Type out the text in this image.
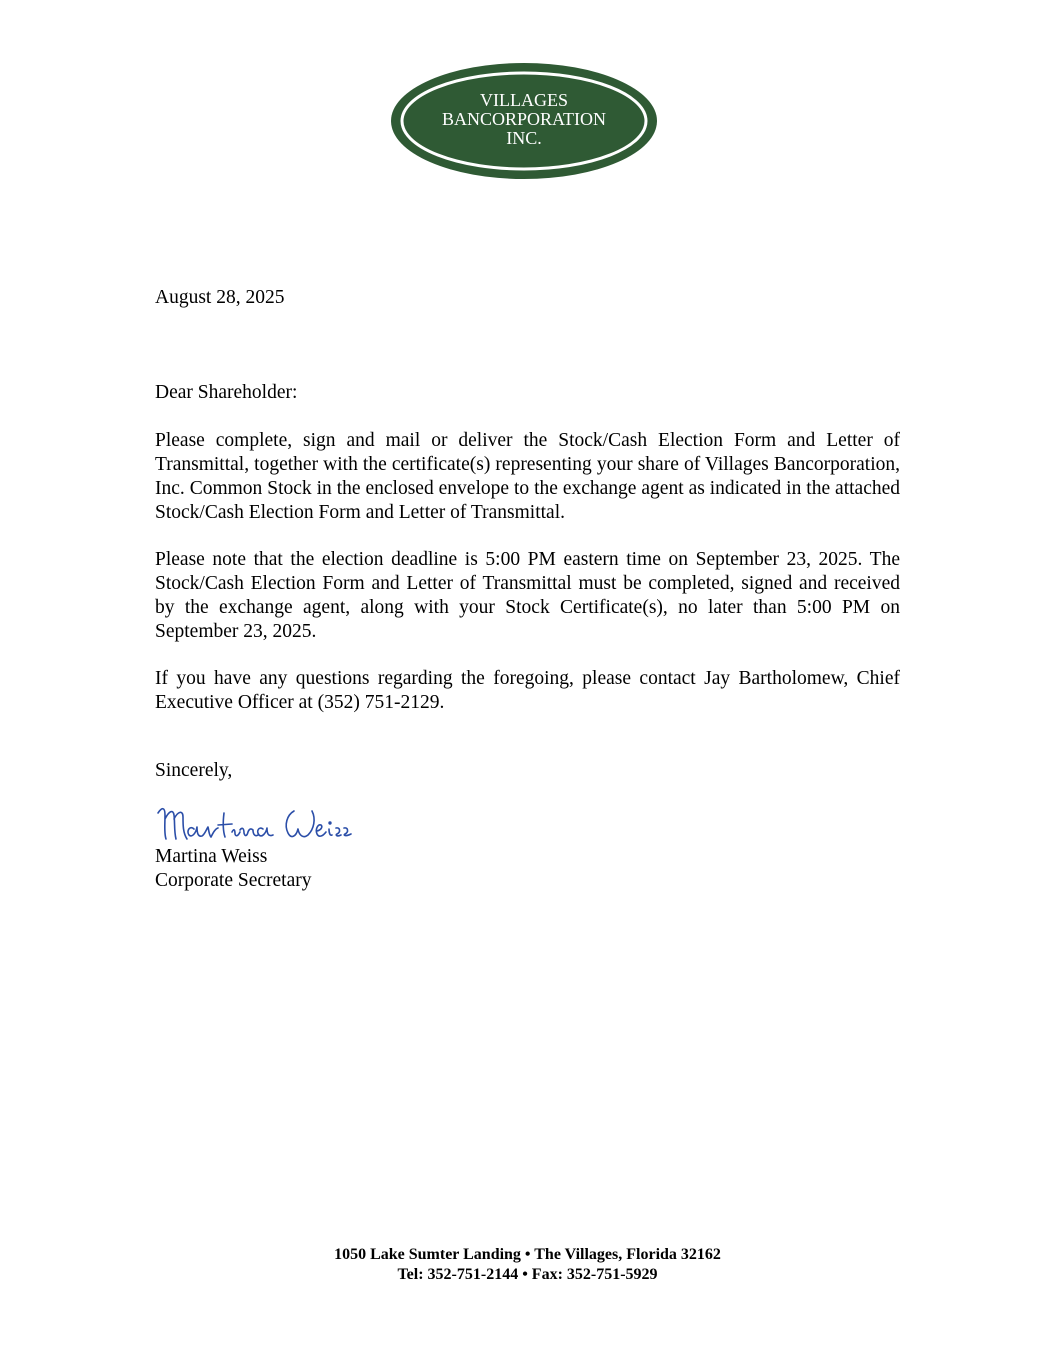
VILLAGES
BANCORPORATION
INC.
August 28, 2025
Dear Shareholder:

Please complete, sign and mail or deliver the Stock/Cash Election Form and Letter of Transmittal, together with the certificate(s) representing your share of Villages Bancorporation, Inc. Common Stock in the enclosed envelope to the exchange agent as indicated in the attached Stock/Cash Election Form and Letter of Transmittal.

Please note that the election deadline is 5:00 PM eastern time on September 23, 2025. The Stock/Cash Election Form and Letter of Transmittal must be completed, signed and received by the exchange agent, along with your Stock Certificate(s), no later than 5:00 PM on September 23, 2025.

If you have any questions regarding the foregoing, please contact Jay Bartholomew, Chief Executive Officer at (352) 751-2129.

Sincerely,
Martina Weiss
Corporate Secretary
1050 Lake Sumter Landing • The Villages, Florida 32162
Tel: 352-751-2144 • Fax: 352-751-5929
